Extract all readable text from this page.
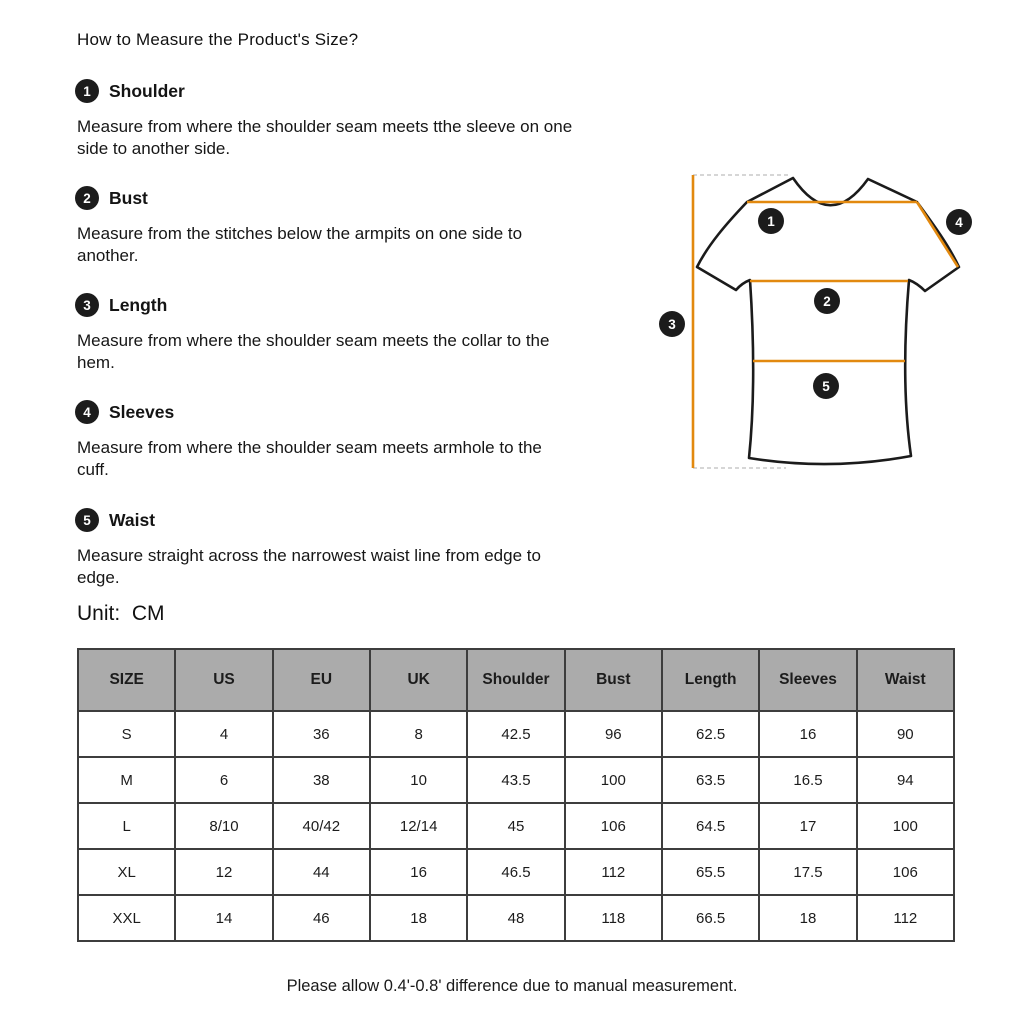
How to Measure the Product's Size?
1	Shoulder
Measure from where the shoulder seam meets tthe sleeve on one
side to another side.
2	Bust
Measure from the stitches below the armpits on one side to
another.
3	Length
Measure from where the shoulder seam meets the collar to the
hem.
4	Sleeves
Measure from where the shoulder seam meets armhole to the
cuff.
5	Waist
Measure straight across the narrowest waist line from edge to
edge.
Unit:  CM
1
2
3
4
5
SIZE	US	EU	UK	Shoulder	Bust	Length	Sleeves	Waist
S	4	36	8	42.5	96	62.5	16	90
M	6	38	10	43.5	100	63.5	16.5	94
L	8/10	40/42	12/14	45	106	64.5	17	100
XL	12	44	16	46.5	112	65.5	17.5	106
XXL	14	46	18	48	118	66.5	18	112
Please allow 0.4'-0.8' difference due to manual measurement.
